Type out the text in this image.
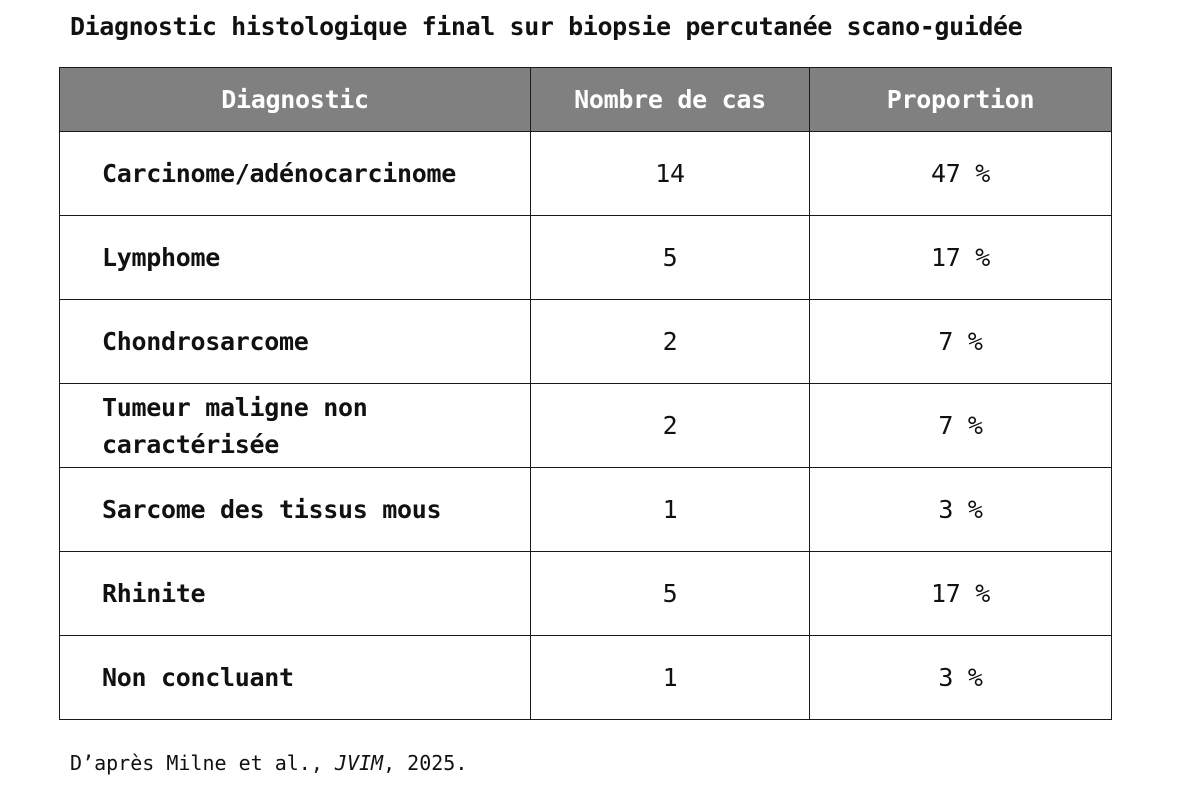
Diagnostic histologique final sur biopsie percutanée scano-guidée
Diagnostic	Nombre de cas	Proportion
Carcinome/adénocarcinome	14	47 %
Lymphome	5	17 %
Chondrosarcome	2	7 %
Tumeur maligne non caractérisée	2	7 %
Sarcome des tissus mous	1	3 %
Rhinite	5	17 %
Non concluant	1	3 %
D’après Milne et al., JVIM, 2025.
